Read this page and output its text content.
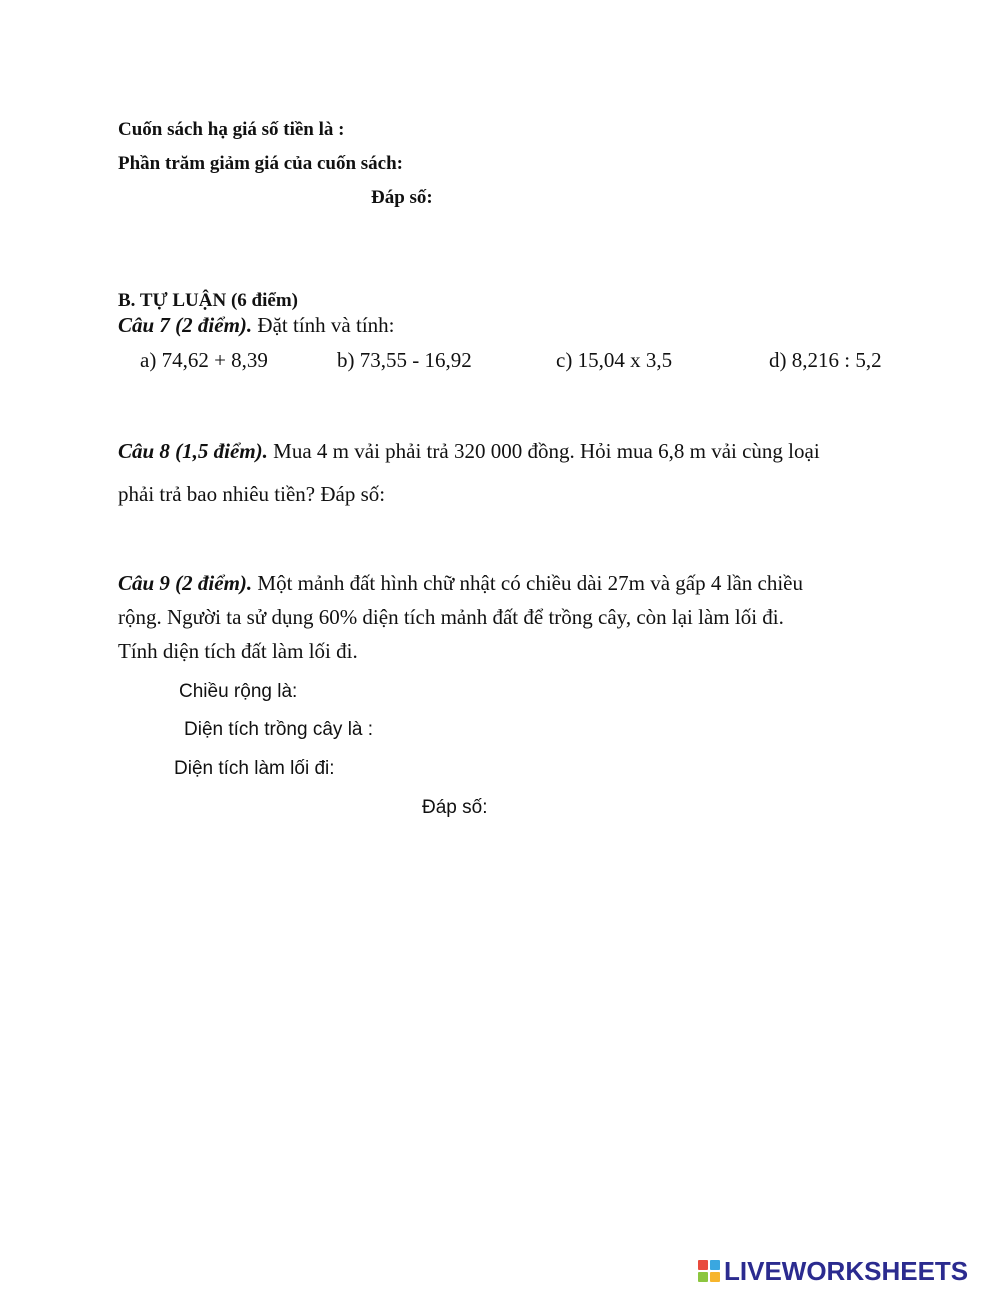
Cuốn sách hạ giá số tiền là :
Phần trăm giảm giá của cuốn sách:
Đáp số:
B. TỰ LUẬN (6 điểm)
Câu 7 (2 điểm). Đặt tính và tính:
a) 74,62 + 8,39	b) 73,55 - 16,92	c) 15,04 x 3,5	d) 8,216 : 5,2
Câu 8 (1,5 điểm). Mua 4 m vải phải trả 320 000 đồng. Hỏi mua 6,8 m vải cùng loại
phải trả bao nhiêu tiền? Đáp số:
Câu 9 (2 điểm). Một mảnh đất hình chữ nhật có chiều dài 27m và gấp 4 lần chiều
rộng. Người ta sử dụng 60% diện tích mảnh đất để trồng cây, còn lại làm lối đi.
Tính diện tích đất làm lối đi.
Chiều rộng là:
Diện tích trồng cây là :
Diện tích làm lối đi:
Đáp số:
LIVEWORKSHEETS
